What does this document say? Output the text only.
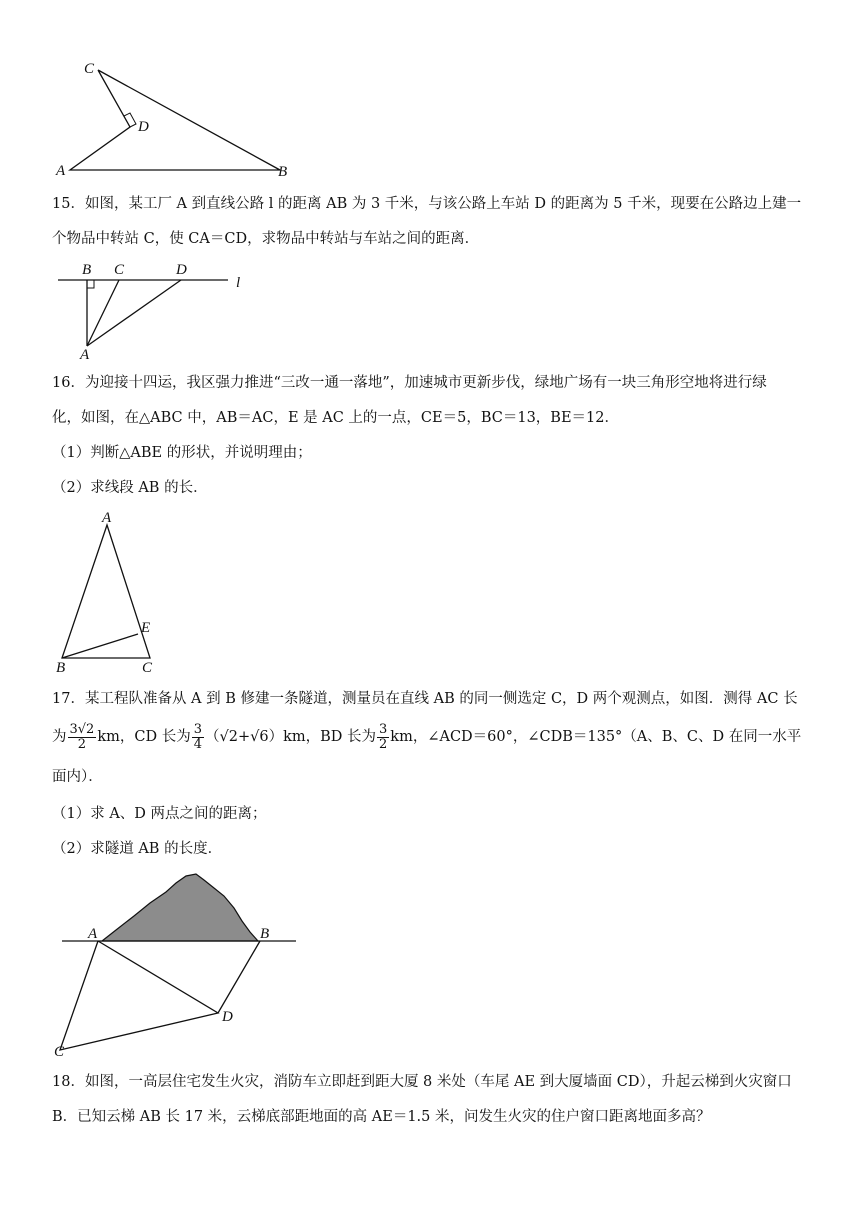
C
D
A	B
15．如图，某工厂 A 到直线公路 l 的距离 AB 为 3 千米，与该公路上车站 D 的距离为 5 千米，现要在公路边上建一
个物品中转站 C，使 CA＝CD，求物品中转站与车站之间的距离．
B C	D
l
A
16．为迎接十四运，我区强力推进“三改一通一落地”，加速城市更新步伐，绿地广场有一块三角形空地将进行绿
化，如图，在△ABC 中，AB＝AC，E 是 AC 上的一点，CE＝5，BC＝13，BE＝12．
（1）判断△ABE 的形状，并说明理由；
（2）求线段 AB 的长．
A
E
B	C
17．某工程队准备从 A 到 B 修建一条隧道，测量员在直线 AB 的同一侧选定 C，D 两个观测点，如图．测得 AC 长
为 $\frac{3√2}{2}$ km，CD 长为 $\frac{3}{4} (√2+√6)km$，BD 长为 $\frac{3}{2}$ km，∠ACD＝60°，∠CDB＝135°（A、B、C、D 在同一水平
面内）．
（1）求 A、D 两点之间的距离；
（2）求隧道 AB 的长度．
A	B
C
D
18．如图，一高层住宅发生火灾，消防车立即赶到距大厦 8 米处（车尾 AE 到大厦墙面 CD），升起云梯到火灾窗口
B．已知云梯 AB 长 17 米，云梯底部距地面的高 AE＝1.5 米，问发生火灾的住户窗口距离地面多高？
